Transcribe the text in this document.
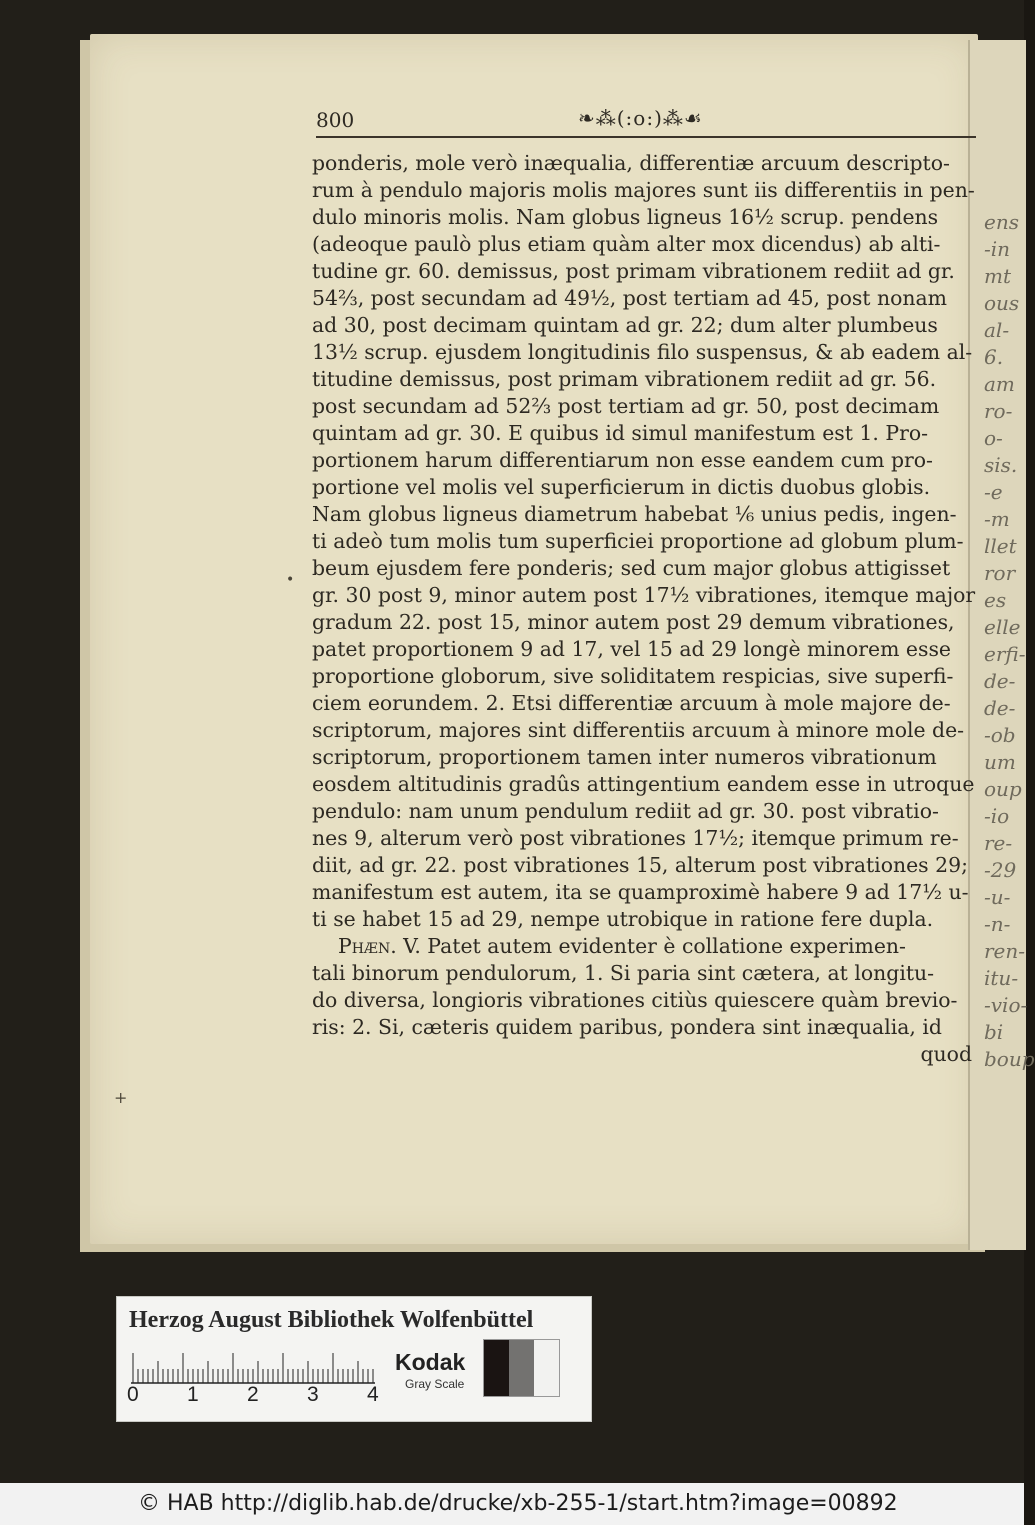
ens
-in
mt
ous
al-
6.
am
ro-
o-
sis.
-e
-m
llet
ror
es
elle
erfi-
de-
de-
-ob
um
oup
-io
re-
-29
-u-
-n-
ren-
itu-
-vio-
bi
boup
800	❧⁂(:o:)⁂☙
ponderis, mole verò inæqualia, differentiæ arcuum descripto-
rum à pendulo majoris molis majores sunt iis differentiis in pen-
dulo minoris molis. Nam globus ligneus 16½ scrup. pendens
(adeoque paulò plus etiam quàm alter mox dicendus) ab alti-
tudine gr. 60. demissus, post primam vibrationem rediit ad gr.
54⅔, post secundam ad 49½, post tertiam ad 45, post nonam
ad 30, post decimam quintam ad gr. 22; dum alter plumbeus
13½ scrup. ejusdem longitudinis filo suspensus, & ab eadem al-
titudine demissus, post primam vibrationem rediit ad gr. 56.
post secundam ad 52⅔ post tertiam ad gr. 50, post decimam
quintam ad gr. 30. E quibus id simul manifestum est 1. Pro-
portionem harum differentiarum non esse eandem cum pro-
portione vel molis vel superficierum in dictis duobus globis.
Nam globus ligneus diametrum habebat ⅙ unius pedis, ingen-
ti adeò tum molis tum superficiei proportione ad globum plum-
beum ejusdem fere ponderis; sed cum major globus attigisset
gr. 30 post 9, minor autem post 17½ vibrationes, itemque major
gradum 22. post 15, minor autem post 29 demum vibrationes,
patet proportionem 9 ad 17, vel 15 ad 29 longè minorem esse
proportione globorum, sive soliditatem respicias, sive superfi-
ciem eorundem. 2. Etsi differentiæ arcuum à mole majore de-
scriptorum, majores sint differentiis arcuum à minore mole de-
scriptorum, proportionem tamen inter numeros vibrationum
eosdem altitudinis gradûs attingentium eandem esse in utroque
pendulo: nam unum pendulum rediit ad gr. 30. post vibratio-
nes 9, alterum verò post vibrationes 17½; itemque primum re-
diit, ad gr. 22. post vibrationes 15, alterum post vibrationes 29;
manifestum est autem, ita se quamproximè habere 9 ad 17½ u-
ti se habet 15 ad 29, nempe utrobique in ratione fere dupla.
Phæn. V. Patet autem evidenter è collatione experimen-
tali binorum pendulorum, 1. Si paria sint cætera, at longitu-
do diversa, longioris vibrationes citiùs quiescere quàm brevio-
ris: 2. Si, cæteris quidem paribus, pondera sint inæqualia, id
quod
+
•
Herzog August Bibliothek Wolfenbüttel
0 1 2 3 4
Kodak
Gray Scale
© HAB http://diglib.hab.de/drucke/xb-255-1/start.htm?image=00892
